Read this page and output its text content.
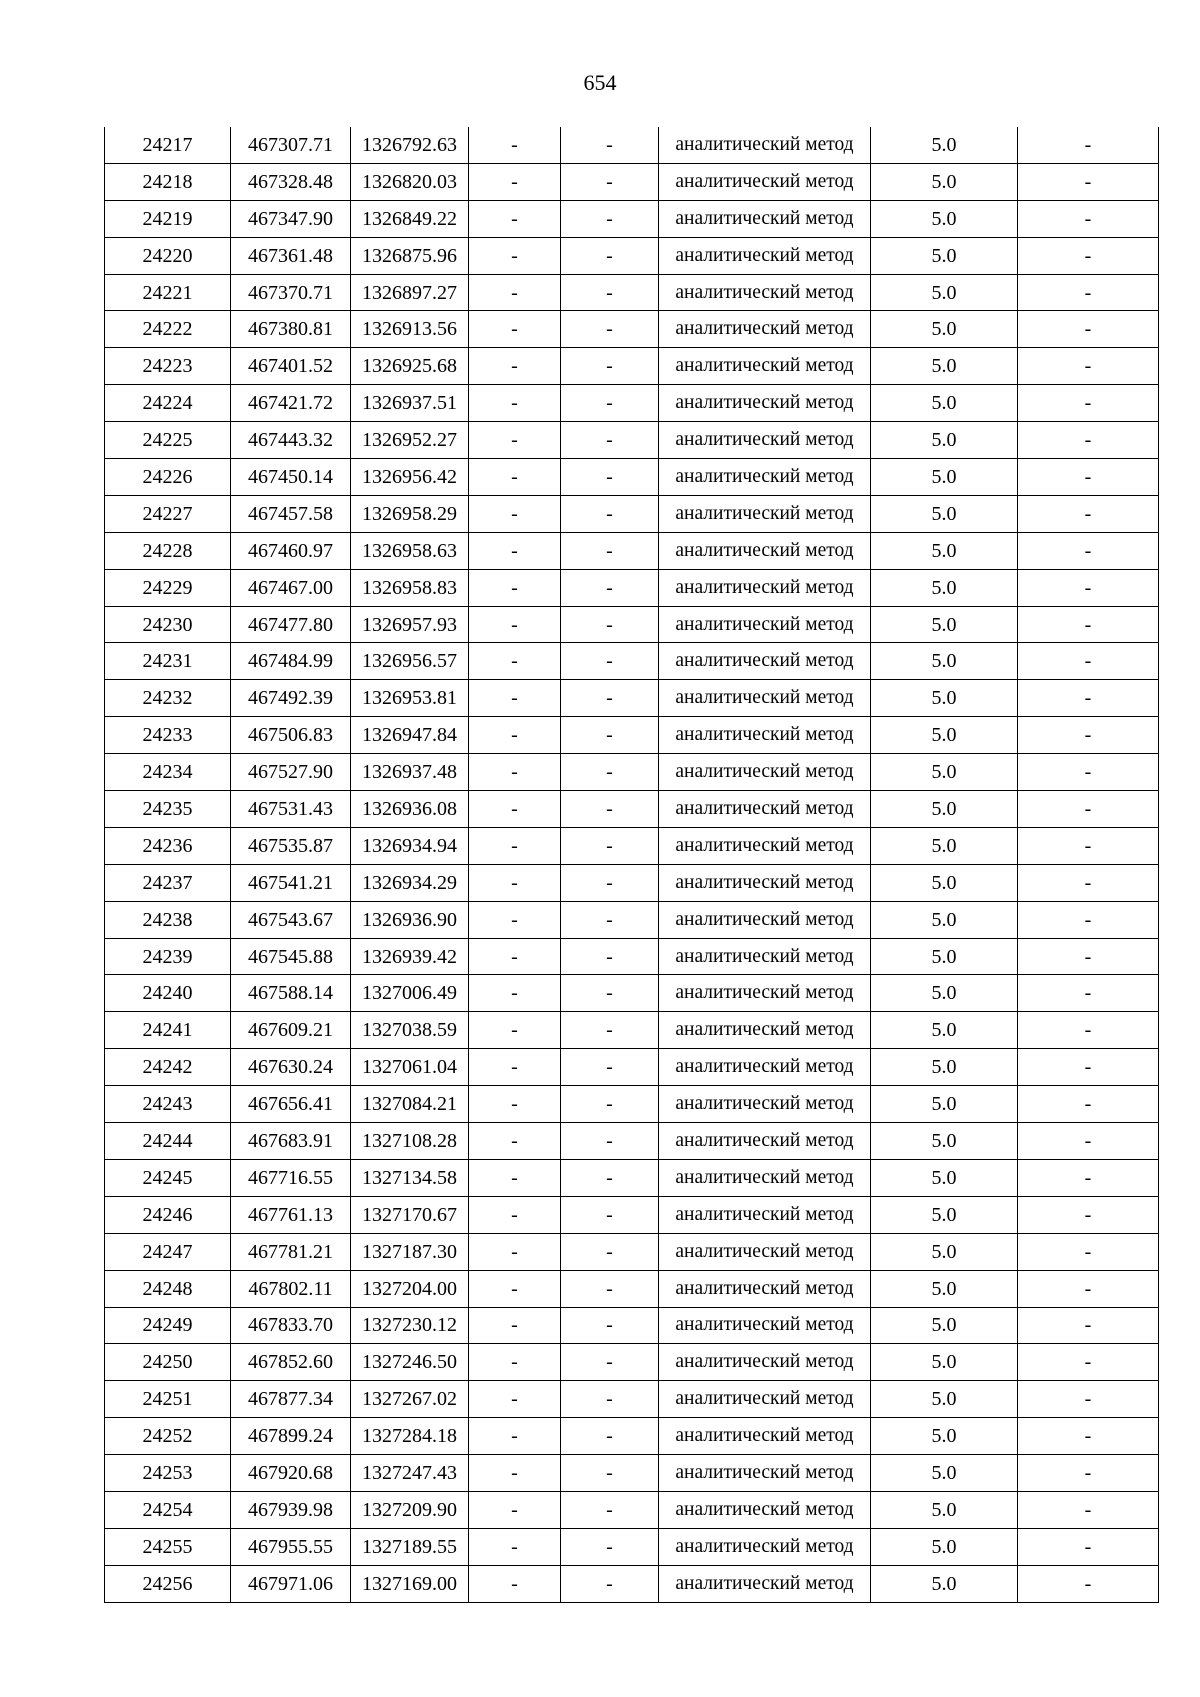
654
24217	467307.71	1326792.63	-	-	аналитический метод	5.0	-
24218	467328.48	1326820.03	-	-	аналитический метод	5.0	-
24219	467347.90	1326849.22	-	-	аналитический метод	5.0	-
24220	467361.48	1326875.96	-	-	аналитический метод	5.0	-
24221	467370.71	1326897.27	-	-	аналитический метод	5.0	-
24222	467380.81	1326913.56	-	-	аналитический метод	5.0	-
24223	467401.52	1326925.68	-	-	аналитический метод	5.0	-
24224	467421.72	1326937.51	-	-	аналитический метод	5.0	-
24225	467443.32	1326952.27	-	-	аналитический метод	5.0	-
24226	467450.14	1326956.42	-	-	аналитический метод	5.0	-
24227	467457.58	1326958.29	-	-	аналитический метод	5.0	-
24228	467460.97	1326958.63	-	-	аналитический метод	5.0	-
24229	467467.00	1326958.83	-	-	аналитический метод	5.0	-
24230	467477.80	1326957.93	-	-	аналитический метод	5.0	-
24231	467484.99	1326956.57	-	-	аналитический метод	5.0	-
24232	467492.39	1326953.81	-	-	аналитический метод	5.0	-
24233	467506.83	1326947.84	-	-	аналитический метод	5.0	-
24234	467527.90	1326937.48	-	-	аналитический метод	5.0	-
24235	467531.43	1326936.08	-	-	аналитический метод	5.0	-
24236	467535.87	1326934.94	-	-	аналитический метод	5.0	-
24237	467541.21	1326934.29	-	-	аналитический метод	5.0	-
24238	467543.67	1326936.90	-	-	аналитический метод	5.0	-
24239	467545.88	1326939.42	-	-	аналитический метод	5.0	-
24240	467588.14	1327006.49	-	-	аналитический метод	5.0	-
24241	467609.21	1327038.59	-	-	аналитический метод	5.0	-
24242	467630.24	1327061.04	-	-	аналитический метод	5.0	-
24243	467656.41	1327084.21	-	-	аналитический метод	5.0	-
24244	467683.91	1327108.28	-	-	аналитический метод	5.0	-
24245	467716.55	1327134.58	-	-	аналитический метод	5.0	-
24246	467761.13	1327170.67	-	-	аналитический метод	5.0	-
24247	467781.21	1327187.30	-	-	аналитический метод	5.0	-
24248	467802.11	1327204.00	-	-	аналитический метод	5.0	-
24249	467833.70	1327230.12	-	-	аналитический метод	5.0	-
24250	467852.60	1327246.50	-	-	аналитический метод	5.0	-
24251	467877.34	1327267.02	-	-	аналитический метод	5.0	-
24252	467899.24	1327284.18	-	-	аналитический метод	5.0	-
24253	467920.68	1327247.43	-	-	аналитический метод	5.0	-
24254	467939.98	1327209.90	-	-	аналитический метод	5.0	-
24255	467955.55	1327189.55	-	-	аналитический метод	5.0	-
24256	467971.06	1327169.00	-	-	аналитический метод	5.0	-
